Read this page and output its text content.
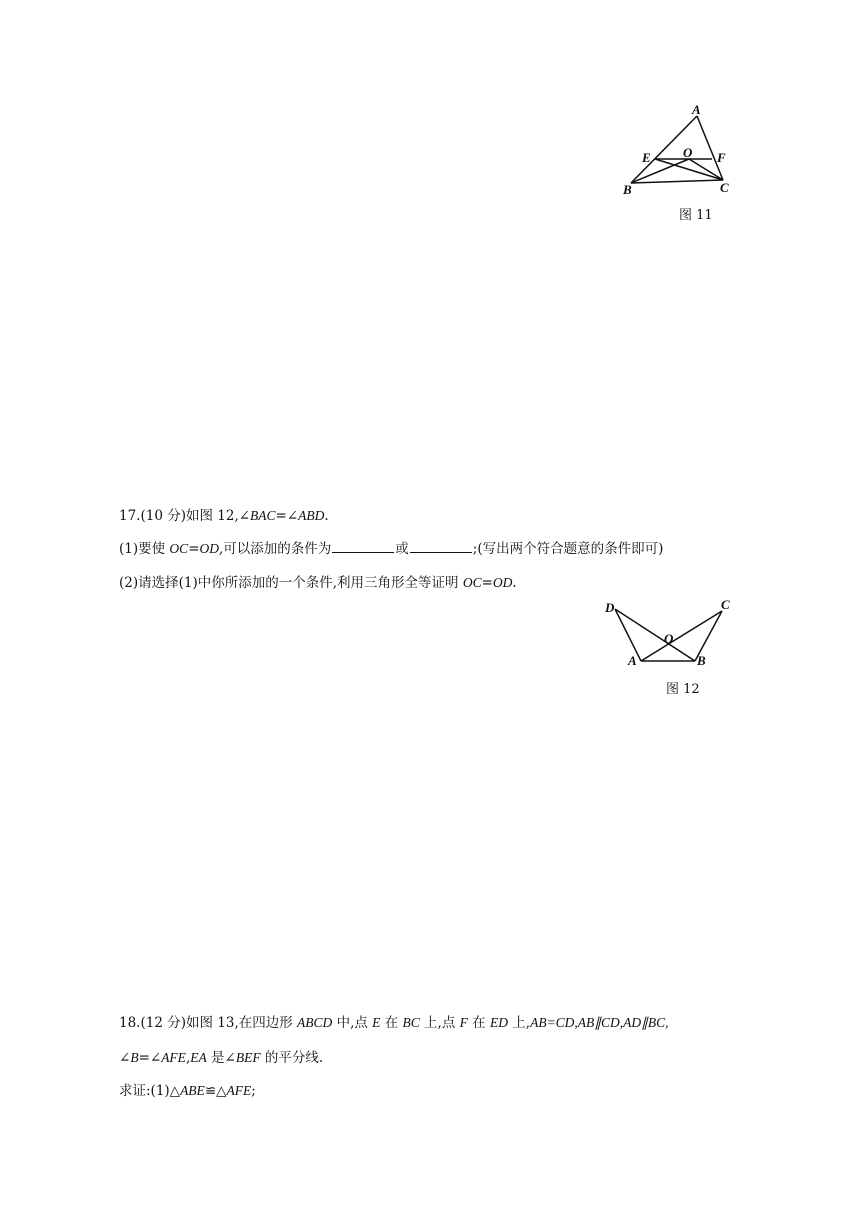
A
E O F
B	C
图 11
17.(10 分)如图 12,∠BAC=∠ABD.
(1)要使 OC=OD,可以添加的条件为	或	;(写出两个符合题意的条件即可)
(2)请选择(1)中你所添加的一个条件,利用三角形全等证明 OC=OD.
D	C
O
A	B
图 12
18.(12 分)如图 13,在四边形 ABCD 中,点 E 在 BC 上,点 F 在 ED 上,AB=CD,AB∥CD,AD∥BC,
∠B=∠AFE,EA 是∠BEF 的平分线.
求证:(1)△ABE≌△AFE;
